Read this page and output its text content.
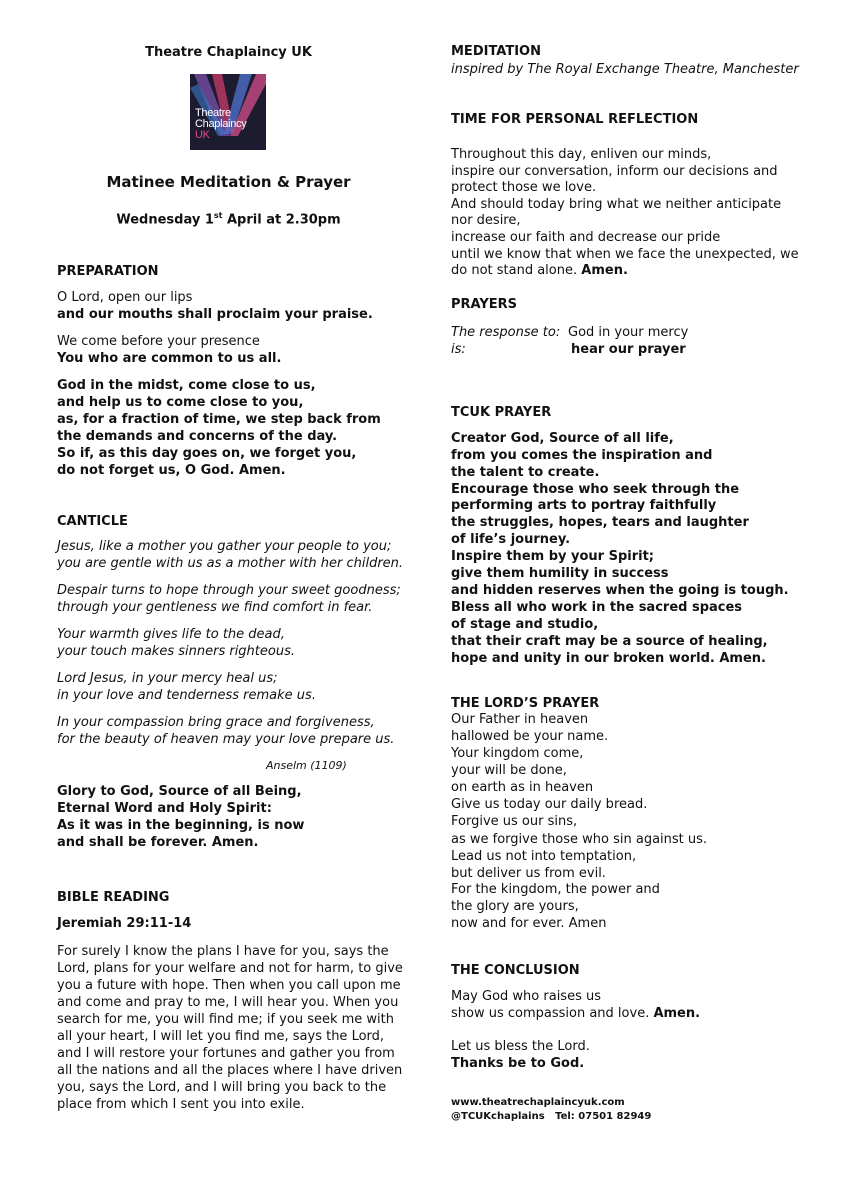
Theatre Chaplaincy UK
Matinee Meditation & Prayer
Wednesday 1st April at 2.30pm
PREPARATION
O Lord, open our lips
and our mouths shall proclaim your praise.
We come before your presence
You who are common to us all.
God in the midst, come close to us,
and help us to come close to you,
as, for a fraction of time, we step back from
the demands and concerns of the day.
So if, as this day goes on, we forget you,
do not forget us, O God. Amen.
CANTICLE
Jesus, like a mother you gather your people to you;
you are gentle with us as a mother with her children.
Despair turns to hope through your sweet goodness;
through your gentleness we find comfort in fear.
Your warmth gives life to the dead,
your touch makes sinners righteous.
Lord Jesus, in your mercy heal us;
in your love and tenderness remake us.
In your compassion bring grace and forgiveness,
for the beauty of heaven may your love prepare us.
Anselm (1109)
Glory to God, Source of all Being,
Eternal Word and Holy Spirit:
As it was in the beginning, is now
and shall be forever. Amen.
BIBLE READING
Jeremiah 29:11-14
For surely I know the plans I have for you, says the
Lord, plans for your welfare and not for harm, to give
you a future with hope. Then when you call upon me
and come and pray to me, I will hear you. When you
search for me, you will find me; if you seek me with
all your heart, I will let you find me, says the Lord,
and I will restore your fortunes and gather you from
all the nations and all the places where I have driven
you, says the Lord, and I will bring you back to the
place from which I sent you into exile.
Theatre
Chaplaincy
UK
MEDITATION
inspired by The Royal Exchange Theatre, Manchester
TIME FOR PERSONAL REFLECTION
Throughout this day, enliven our minds,
inspire our conversation, inform our decisions and
protect those we love.
And should today bring what we neither anticipate
nor desire,
increase our faith and decrease our pride
until we know that when we face the unexpected, we
do not stand alone. Amen.
PRAYERS
The response to:
is:
God in your mercy
hear our prayer
TCUK PRAYER
Creator God, Source of all life,
from you comes the inspiration and
the talent to create.
Encourage those who seek through the
performing arts to portray faithfully
the struggles, hopes, tears and laughter
of life’s journey.
Inspire them by your Spirit;
give them humility in success
and hidden reserves when the going is tough.
Bless all who work in the sacred spaces
of stage and studio,
that their craft may be a source of healing,
hope and unity in our broken world. Amen.
THE LORD’S PRAYER
Our Father in heaven
hallowed be your name.
Your kingdom come,
your will be done,
on earth as in heaven
Give us today our daily bread.
Forgive us our sins,
as we forgive those who sin against us.
Lead us not into temptation,
but deliver us from evil.
For the kingdom, the power and
the glory are yours,
now and for ever. Amen
THE CONCLUSION
May God who raises us
show us compassion and love. Amen.
Let us bless the Lord.
Thanks be to God.
www.theatrechaplaincyuk.com
@TCUKchaplains   Tel: 07501 82949
